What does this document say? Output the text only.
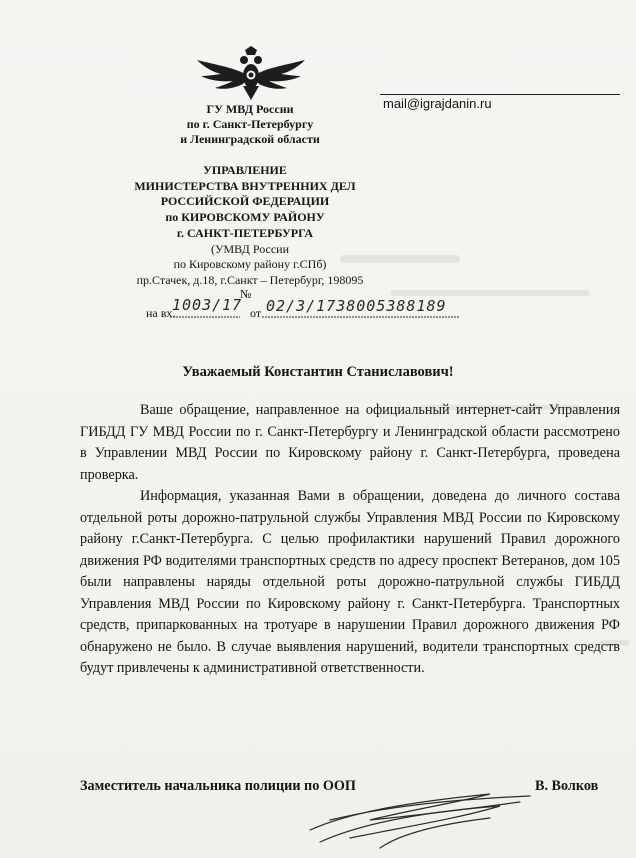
ГУ МВД России
по г. Санкт-Петербургу
и Ленинградской области
УПРАВЛЕНИЕ
МИНИСТЕРСТВА ВНУТРЕННИХ ДЕЛ
РОССИЙСКОЙ ФЕДЕРАЦИИ
по КИРОВСКОМУ РАЙОНУ
г. САНКТ-ПЕТЕРБУРГА
(УМВД России
по Кировскому району г.СПб)
пр.Стачек, д.18, г.Санкт – Петербург, 198095
на вх.
1003/17
№
от 02/3/1738005388189
mail@igrajdanin.ru
Уважаемый Константин Станиславович!

Ваше обращение, направленное на официальный интернет-сайт Управления ГИБДД ГУ МВД России по г. Санкт-Петербургу и Ленинградской области рассмотрено в Управлении МВД России по Кировскому району г. Санкт-Петербурга, проведена проверка.

Информация, указанная Вами в обращении, доведена до личного состава отдельной роты дорожно-патрульной службы Управления МВД России по Кировскому району г.Санкт-Петербурга. С целью профилактики нарушений Правил дорожного движения РФ водителями транспортных средств по адресу проспект Ветеранов, дом 105 были направлены наряды отдельной роты дорожно-патрульной службы ГИБДД Управления МВД России по Кировскому району г. Санкт-Петербурга. Транспортных средств, припаркованных на тротуаре в нарушении Правил дорожного движения РФ обнаружено не было. В случае выявления нарушений, водители транспортных средств будут привлечены к административной ответственности.

Заместитель начальника полиции по ООП	В. Волков
